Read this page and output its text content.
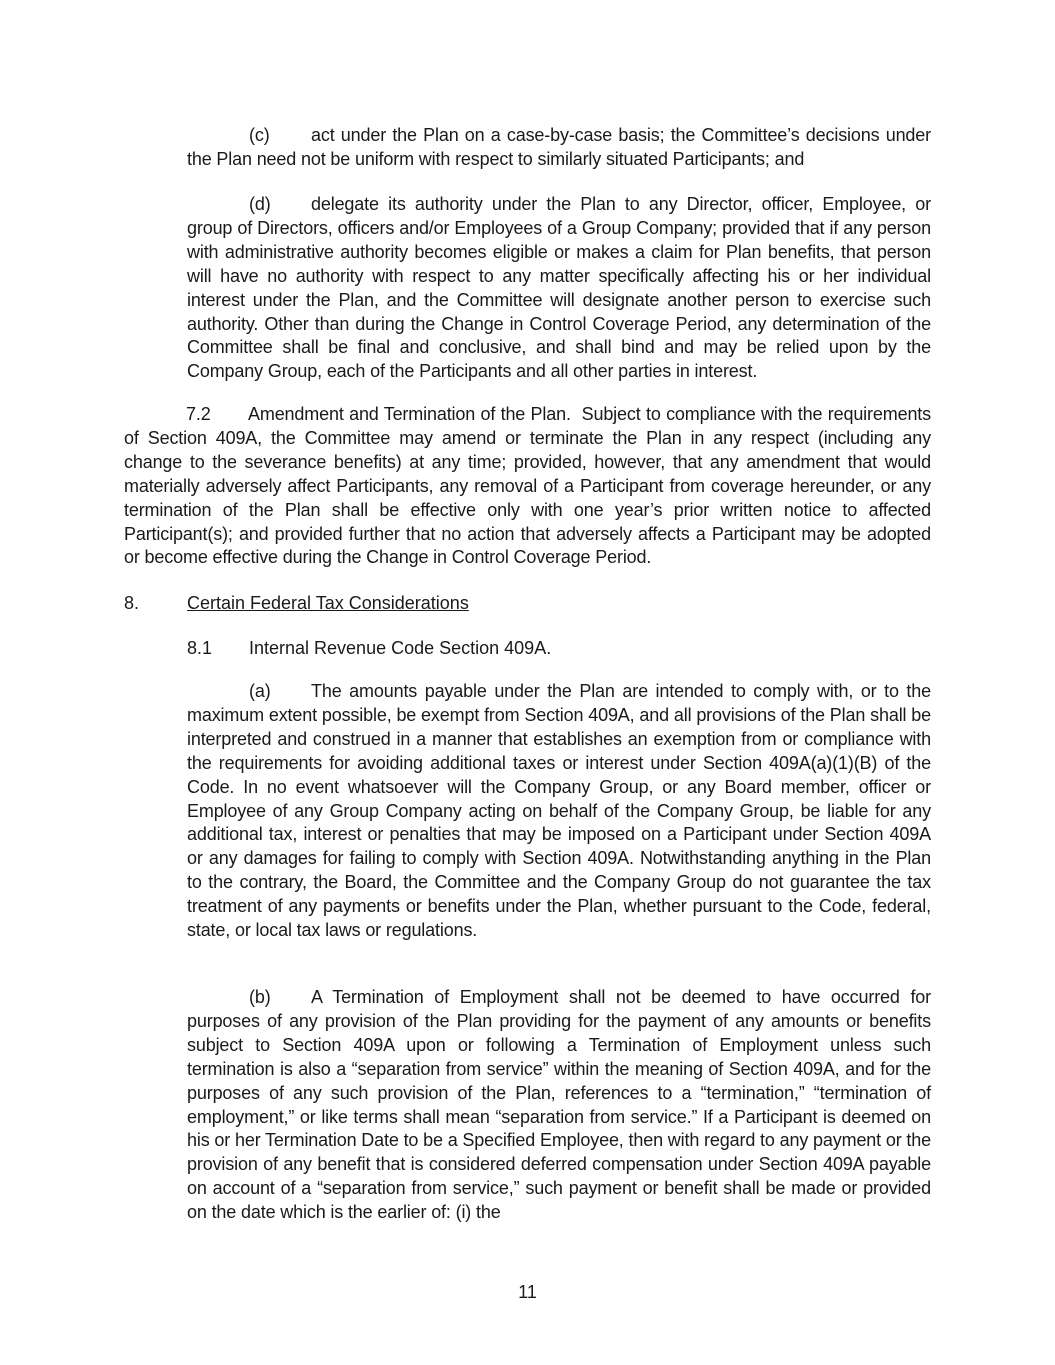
(c) act under the Plan on a case-by-case basis; the Committee’s decisions under the Plan need not be uniform with respect to similarly situated Participants; and

(d) delegate its authority under the Plan to any Director, officer, Employee, or group of Directors, officers and/or Employees of a Group Company; provided that if any person with administrative authority becomes eligible or makes a claim for Plan benefits, that person will have no authority with respect to any matter specifically affecting his or her individual interest under the Plan, and the Committee will designate another person to exercise such authority. Other than during the Change in Control Coverage Period, any determination of the Committee shall be final and conclusive, and shall bind and may be relied upon by the Company Group, each of the Participants and all other parties in interest.

7.2 Amendment and Termination of the Plan. Subject to compliance with the requirements of Section 409A, the Committee may amend or terminate the Plan in any respect (including any change to the severance benefits) at any time; provided, however, that any amendment that would materially adversely affect Participants, any removal of a Participant from coverage hereunder, or any termination of the Plan shall be effective only with one year’s prior written notice to affected Participant(s); and provided further that no action that adversely affects a Participant may be adopted or become effective during the Change in Control Coverage Period.

8.	Certain Federal Tax Considerations
8.1 Internal Revenue Code Section 409A.

(a) The amounts payable under the Plan are intended to comply with, or to the maximum extent possible, be exempt from Section 409A, and all provisions of the Plan shall be interpreted and construed in a manner that establishes an exemption from or compliance with the requirements for avoiding additional taxes or interest under Section 409A(a)(1)(B) of the Code. In no event whatsoever will the Company Group, or any Board member, officer or Employee of any Group Company acting on behalf of the Company Group, be liable for any additional tax, interest or penalties that may be imposed on a Participant under Section 409A or any damages for failing to comply with Section 409A. Notwithstanding anything in the Plan to the contrary, the Board, the Committee and the Company Group do not guarantee the tax treatment of any payments or benefits under the Plan, whether pursuant to the Code, federal, state, or local tax laws or regulations.

(b) A Termination of Employment shall not be deemed to have occurred for purposes of any provision of the Plan providing for the payment of any amounts or benefits subject to Section 409A upon or following a Termination of Employment unless such termination is also a “separation from service” within the meaning of Section 409A, and for the purposes of any such provision of the Plan, references to a “termination,” “termination of employment,” or like terms shall mean “separation from service.” If a Participant is deemed on his or her Termination Date to be a Specified Employee, then with regard to any payment or the provision of any benefit that is considered deferred compensation under Section 409A payable on account of a “separation from service,” such payment or benefit shall be made or provided on the date which is the earlier of: (i) the

11
